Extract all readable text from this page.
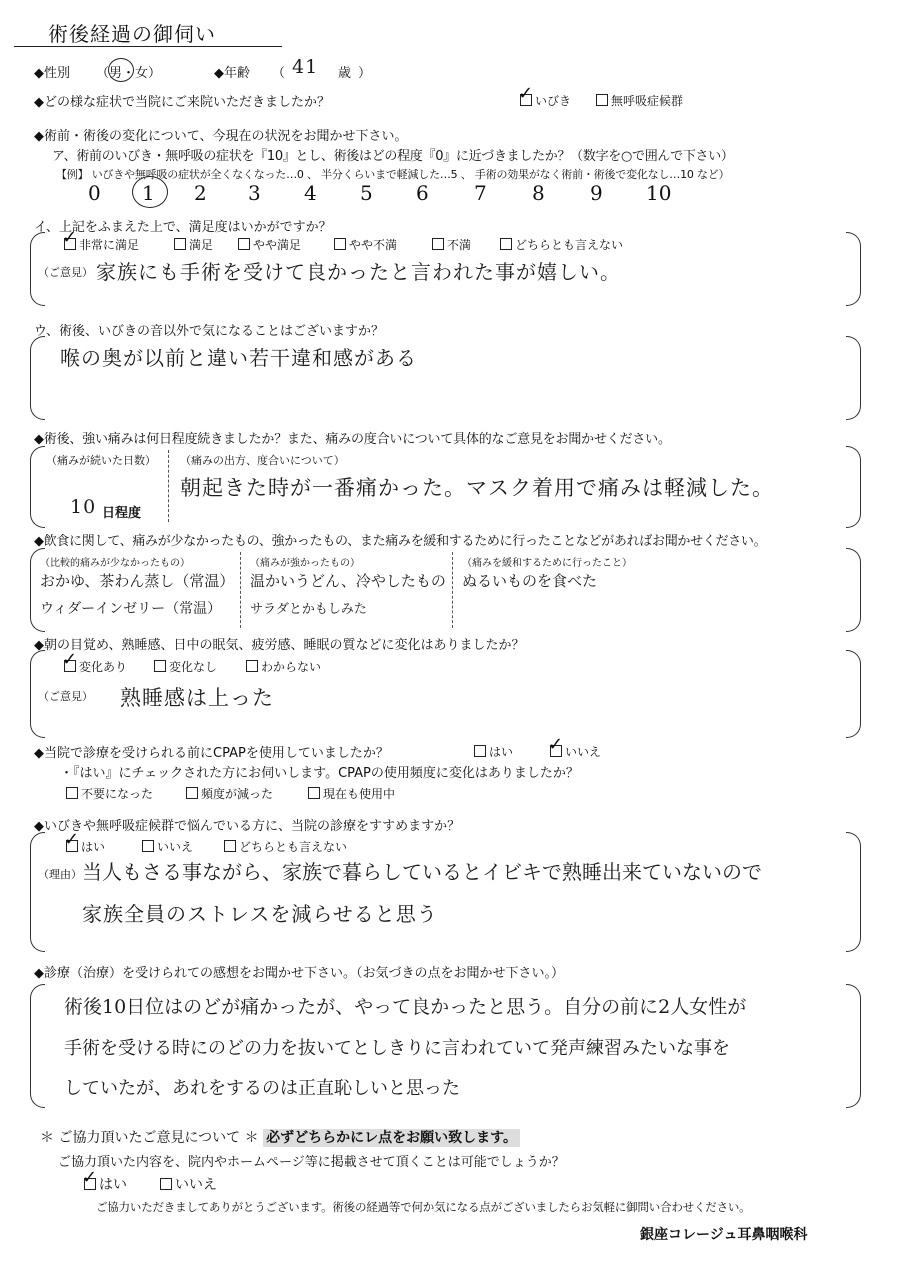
術後経過の御伺い
◆性別 （男・女）	◆年齢 （ 41 歳 ）
◆どの様な症状で当院にご来院いただきましたか？ ✓	いびき	無呼吸症候群
◆術前・術後の変化について、今現在の状況をお聞かせ下さい。
ア、術前のいびき・無呼吸の症状を『10』とし、術後はどの程度『0』に近づきましたか？（数字を○で囲んで下さい）
【例】 いびきや無呼吸の症状が全くなくなった…0 、 半分くらいまで軽減した…5 、 手術の効果がなく術前・術後で変化なし…10 など）
0 1 2 3 4 5 6 7 8 9 10
イ、上記をふまえた上で、満足度はいかがですか？
✓非常に満足	満足	やや満足	やや不満	不満	どちらとも言えない
（ご意見） 家族にも手術を受けて良かったと言われた事が嬉しい。
ウ、術後、いびきの音以外で気になることはございますか？
喉の奥が以前と違い若干違和感がある
◆術後、強い痛みは何日程度続きましたか？また、痛みの度合いについて具体的なご意見をお聞かせください。
（痛みが続いた日数）
10 日程度
（痛みの出方、度合いについて）
朝起きた時が一番痛かった。マスク着用で痛みは軽減した。
◆飲食に関して、痛みが少なかったもの、強かったもの、また痛みを緩和するために行ったことなどがあればお聞かせください。
（比較的痛みが少なかったもの）
おかゆ、茶わん蒸し（常温）
ウィダーインゼリー（常温）
（痛みが強かったもの）
温かいうどん、冷やしたもの
サラダとかもしみた
（痛みを緩和するために行ったこと）
ぬるいものを食べた
◆朝の目覚め、熟睡感、日中の眠気、疲労感、睡眠の質などに変化はありましたか？
✓変化あり	変化なし	わからない
（ご意見） 熟睡感は上った
◆当院で診療を受けられる前にCPAPを使用していましたか？	はい ✓	いいえ
・『はい』にチェックされた方にお伺いします。CPAPの使用頻度に変化はありましたか？
不要になった	頻度が減った	現在も使用中
◆いびきや無呼吸症候群で悩んでいる方に、当院の診療をすすめますか？
✓はい	いいえ	どちらとも言えない
（理由） 当人もさる事ながら、家族で暮らしているとイビキで熟睡出来ていないので
家族全員のストレスを減らせると思う
◆診療（治療）を受けられての感想をお聞かせ下さい。（お気づきの点をお聞かせ下さい。）
術後10日位はのどが痛かったが、やって良かったと思う。自分の前に2人女性が
手術を受ける時にのどの力を抜いてとしきりに言われていて発声練習みたいな事を
していたが、あれをするのは正直恥しいと思った
＊ ご協力頂いたご意見について ＊ 必ずどちらかにレ点をお願い致します。
ご協力頂いた内容を、院内やホームページ等に掲載させて頂くことは可能でしょうか？
✓はい	いいえ
ご協力いただきましてありがとうございます。術後の経過等で何か気になる点がございましたらお気軽に御問い合わせください。
銀座コレージュ耳鼻咽喉科
